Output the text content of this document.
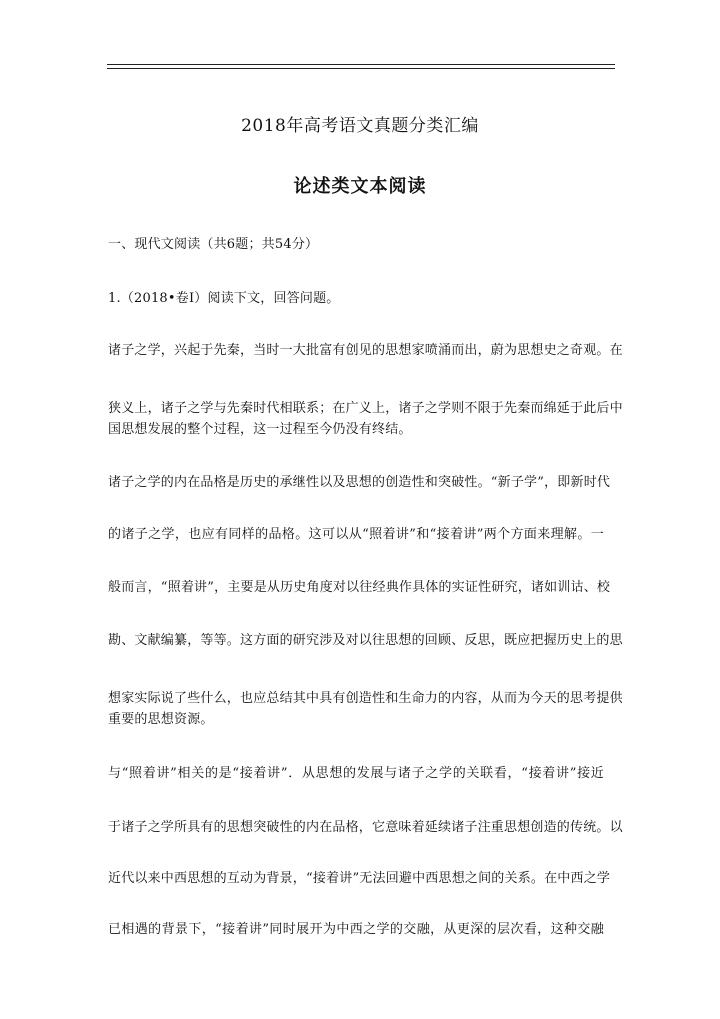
2018年高考语文真题分类汇编
论述类文本阅读
一、现代文阅读（共6题；共54分）
1.（2018•卷Ⅰ）阅读下文，回答问题。
诸子之学，兴起于先秦，当时一大批富有创见的思想家喷涌而出，蔚为思想史之奇观。在
狭义上，诸子之学与先秦时代相联系；在广义上，诸子之学则不限于先秦而绵延于此后中
国思想发展的整个过程，这一过程至今仍没有终结。
诸子之学的内在品格是历史的承继性以及思想的创造性和突破性。“新子学”，即新时代
的诸子之学，也应有同样的品格。这可以从“照着讲”和“接着讲”两个方面来理解。一
般而言，“照着讲”，主要是从历史角度对以往经典作具体的实证性研究，诸如训诂、校
勘、文献编纂，等等。这方面的研究涉及对以往思想的回顾、反思，既应把握历史上的思
想家实际说了些什么，也应总结其中具有创造性和生命力的内容，从而为今天的思考提供
重要的思想资源。
与“照着讲”相关的是“接着讲”．从思想的发展与诸子之学的关联看，“接着讲”接近
于诸子之学所具有的思想突破性的内在品格，它意味着延续诸子注重思想创造的传统。以
近代以来中西思想的互动为背景，“接着讲”无法回避中西思想之间的关系。在中西之学
已相遇的背景下，“接着讲”同时展开为中西之学的交融，从更深的层次看，这种交融
